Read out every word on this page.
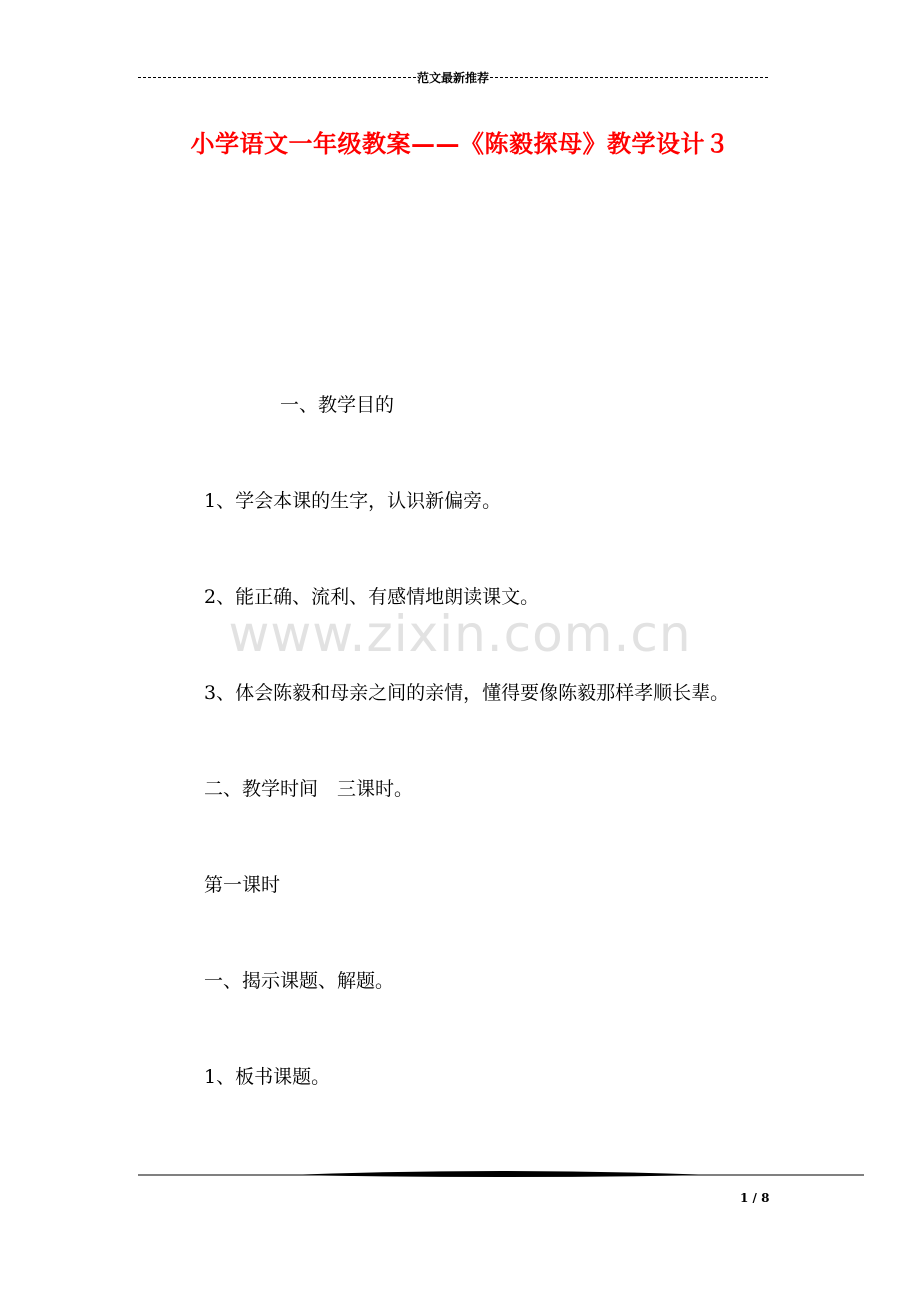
范文最新推荐
小学语文一年级教案——《陈毅探母》教学设计３
一、教学目的
1、学会本课的生字，认识新偏旁。
2、能正确、流利、有感情地朗读课文。
www.zixin.com.cn
3、体会陈毅和母亲之间的亲情，懂得要像陈毅那样孝顺长辈。
二、教学时间　三课时。
第一课时
一、揭示课题、解题。
1、板书课题。
1 / 8
